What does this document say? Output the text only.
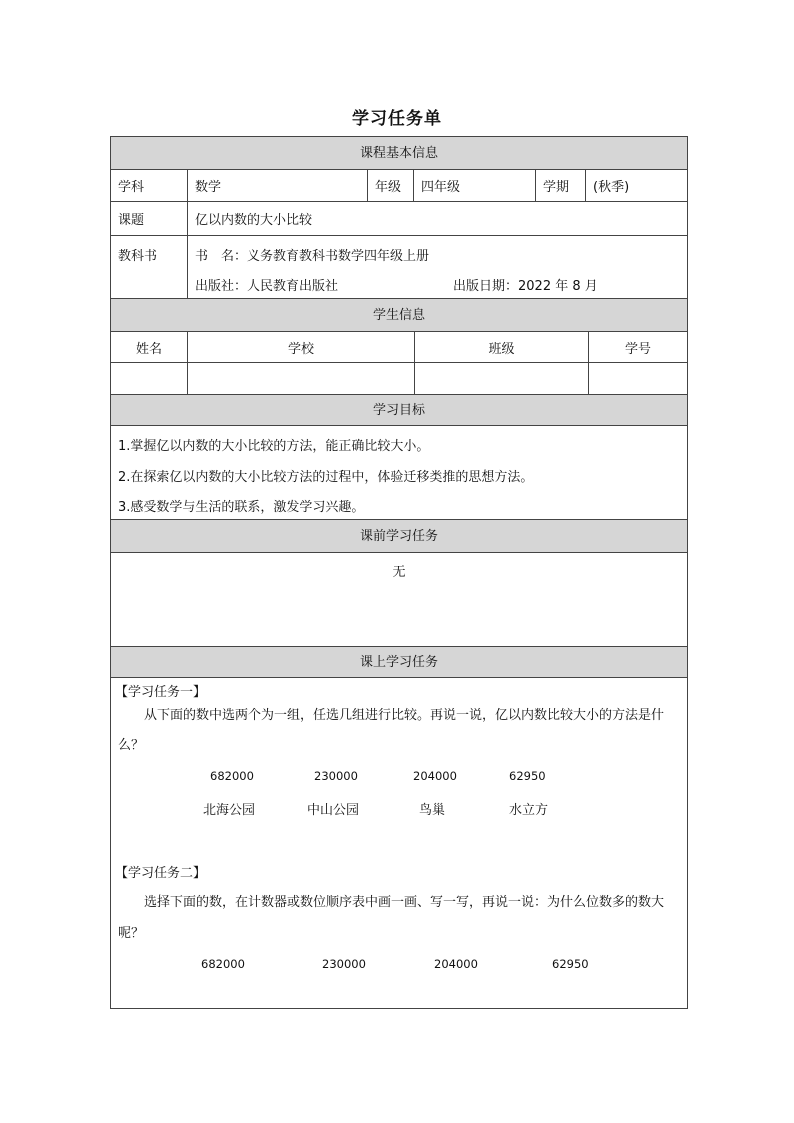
学习任务单
课程基本信息
学科	数学	年级	四年级	学期	(秋季)
课题	亿以内数的大小比较
教科书	书　名：义务教育教科书数学四年级上册
出版社：人民教育出版社	出版日期：2022 年 8 月
学生信息
姓名	学校	班级	学号
学习目标
1.掌握亿以内数的大小比较的方法，能正确比较大小。
2.在探索亿以内数的大小比较方法的过程中，体验迁移类推的思想方法。
3.感受数学与生活的联系，激发学习兴趣。
课前学习任务
无
课上学习任务
【学习任务一】
从下面的数中选两个为一组，任选几组进行比较。再说一说，亿以内数比较大小的方法是什么？
682000	230000	204000	62950
北海公园	中山公园	鸟巢	水立方
【学习任务二】
选择下面的数，在计数器或数位顺序表中画一画、写一写，再说一说：为什么位数多的数大呢？
682000	230000	204000	62950
